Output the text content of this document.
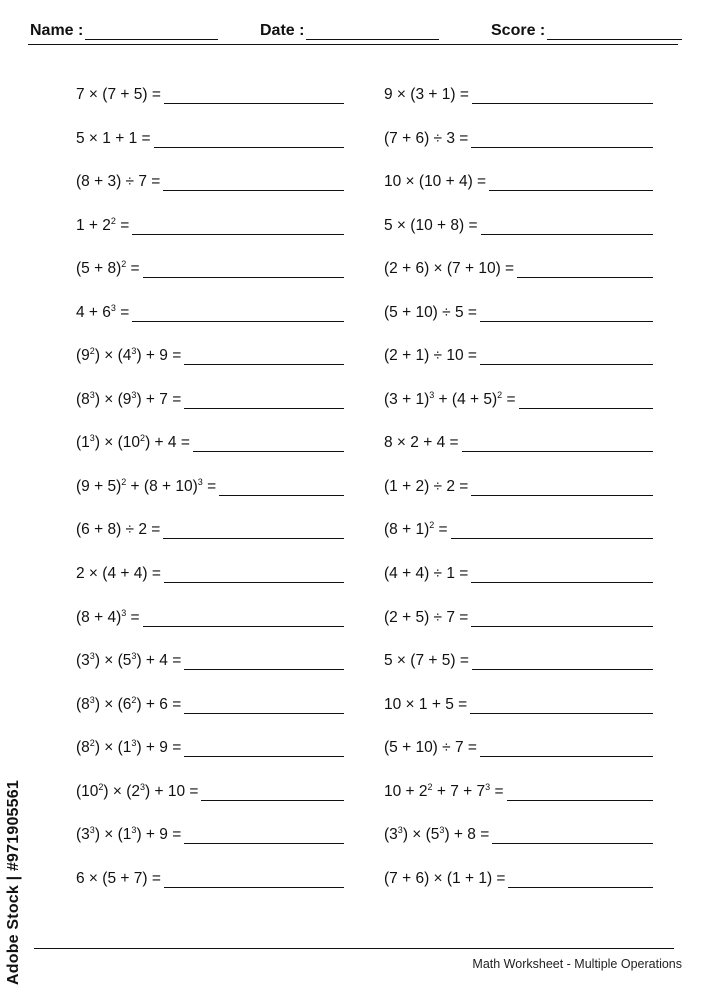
Name :	Date :	Score :
7 × (7 + 5) =
5 × 1 + 1 =
(8 + 3) ÷ 7 =
$1 + 2^2$ =
$(5 + 8)^2$ =
$4 + 6^3$ =
$(9^2) \times (4^3) + 9$ =
$(8^3) \times (9^3) + 7$ =
$(1^3) \times (10^2) + 4$ =
$(9 + 5)^2 + (8 + 10)^3$ =
(6 + 8) ÷ 2 =
2 × (4 + 4) =
$(8 + 4)^3$ =
$(3^3) \times (5^3) + 4$ =
$(8^3) \times (6^2) + 6$ =
$(8^2) \times (1^3) + 9$ =
$(10^2) \times (2^3) + 10$ =
$(3^3) \times (1^3) + 9$ =
6 × (5 + 7) =
9 × (3 + 1) =
(7 + 6) ÷ 3 =
10 × (10 + 4) =
5 × (10 + 8) =
(2 + 6) × (7 + 10) =
(5 + 10) ÷ 5 =
(2 + 1) ÷ 10 =
$(3 + 1)^3 + (4 + 5)^2$ =
8 × 2 + 4 =
(1 + 2) ÷ 2 =
$(8 + 1)^2$ =
(4 + 4) ÷ 1 =
(2 + 5) ÷ 7 =
5 × (7 + 5) =
10 × 1 + 5 =
(5 + 10) ÷ 7 =
$10 + 2^2 + 7 + 7^3$ =
$(3^3) \times (5^3) + 8$ =
(7 + 6) × (1 + 1) =
Math Worksheet - Multiple Operations
Adobe Stock | #971905561
